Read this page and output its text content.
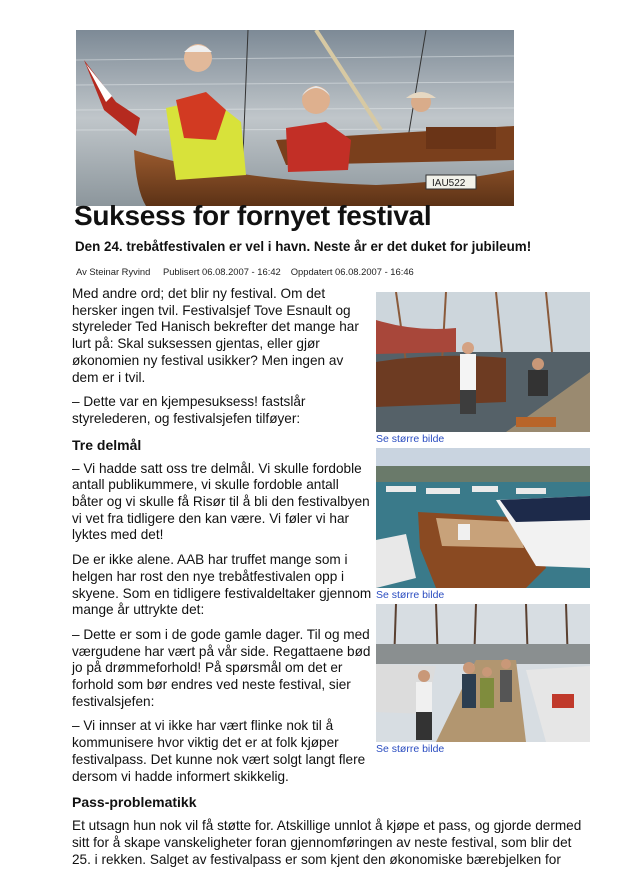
IAU522
Suksess for fornyet festival

Den 24. trebåtfestivalen er vel i havn. Neste år er det duket for jubileum!

Av Steinar Ryvind Publisert 06.08.2007 - 16:42 Oppdatert 06.08.2007 - 16:46

Med andre ord; det blir ny festival. Om det hersker ingen tvil. Festivalsjef Tove Esnault og styreleder Ted Hanisch bekrefter det mange har lurt på: Skal suksessen gjentas, eller gjør økonomien ny festival usikker? Men ingen av dem er i tvil.

– Dette var en kjempesuksess! fastslår styrelederen, og festivalsjefen tilføyer:

Tre delmål

– Vi hadde satt oss tre delmål. Vi skulle fordoble antall publikummere, vi skulle fordoble antall båter og vi skulle få Risør til å bli den festivalbyen vi vet fra tidligere den kan være. Vi føler vi har lyktes med det!

De er ikke alene. AAB har truffet mange som i helgen har rost den nye trebåtfestivalen opp i skyene. Som en tidligere festivaldeltaker gjennom mange år uttrykte det:

– Dette er som i de gode gamle dager. Til og med værgudene har vært på vår side. Regattaene bød jo på drømmeforhold! På spørsmål om det er forhold som bør endres ved neste festival, sier festivalsjefen:

– Vi innser at vi ikke har vært flinke nok til å kommunisere hvor viktig det er at folk kjøper festivalpass. Det kunne nok vært solgt langt flere dersom vi hadde informert skikkelig.

Pass-problematikk

Et utsagn hun nok vil få støtte for. Atskillige unnlot å kjøpe et pass, og gjorde dermed sitt for å skape vanskeligheter foran gjennomføringen av neste festival, som blir det 25. i rekken. Salget av festivalpass er som kjent den økonomiske bærebjelken for

Se større bilde
Se større bilde
Se større bilde
